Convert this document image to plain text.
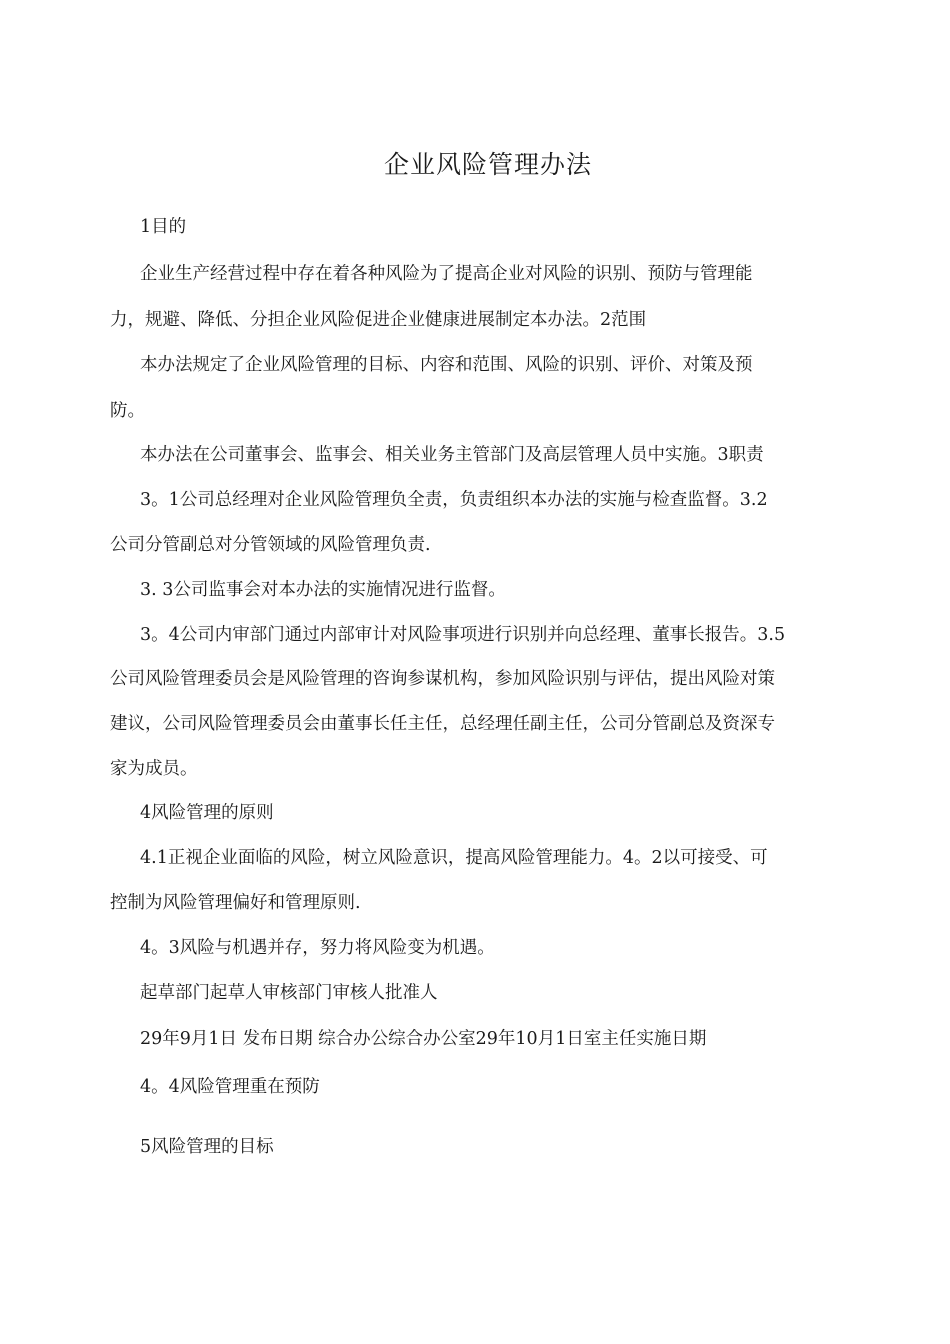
企业风险管理办法
1目的
企业生产经营过程中存在着各种风险为了提高企业对风险的识别、预防与管理能
力，规避、降低、分担企业风险促进企业健康进展制定本办法。2范围
本办法规定了企业风险管理的目标、内容和范围、风险的识别、评价、对策及预
防。
本办法在公司董事会、监事会、相关业务主管部门及高层管理人员中实施。3职责
3。1公司总经理对企业风险管理负全责，负责组织本办法的实施与检查监督。3.2
公司分管副总对分管领域的风险管理负责.
3. 3公司监事会对本办法的实施情况进行监督。
3。4公司内审部门通过内部审计对风险事项进行识别并向总经理、董事长报告。3.5
公司风险管理委员会是风险管理的咨询参谋机构，参加风险识别与评估，提出风险对策
建议，公司风险管理委员会由董事长任主任，总经理任副主任，公司分管副总及资深专
家为成员。
4风险管理的原则
4.1正视企业面临的风险，树立风险意识，提高风险管理能力。4。2以可接受、可
控制为风险管理偏好和管理原则.
4。3风险与机遇并存，努力将风险变为机遇。
起草部门起草人审核部门审核人批准人
29年9月1日 发布日期 综合办公综合办公室29年10月1日室主任实施日期
4。4风险管理重在预防
5风险管理的目标
